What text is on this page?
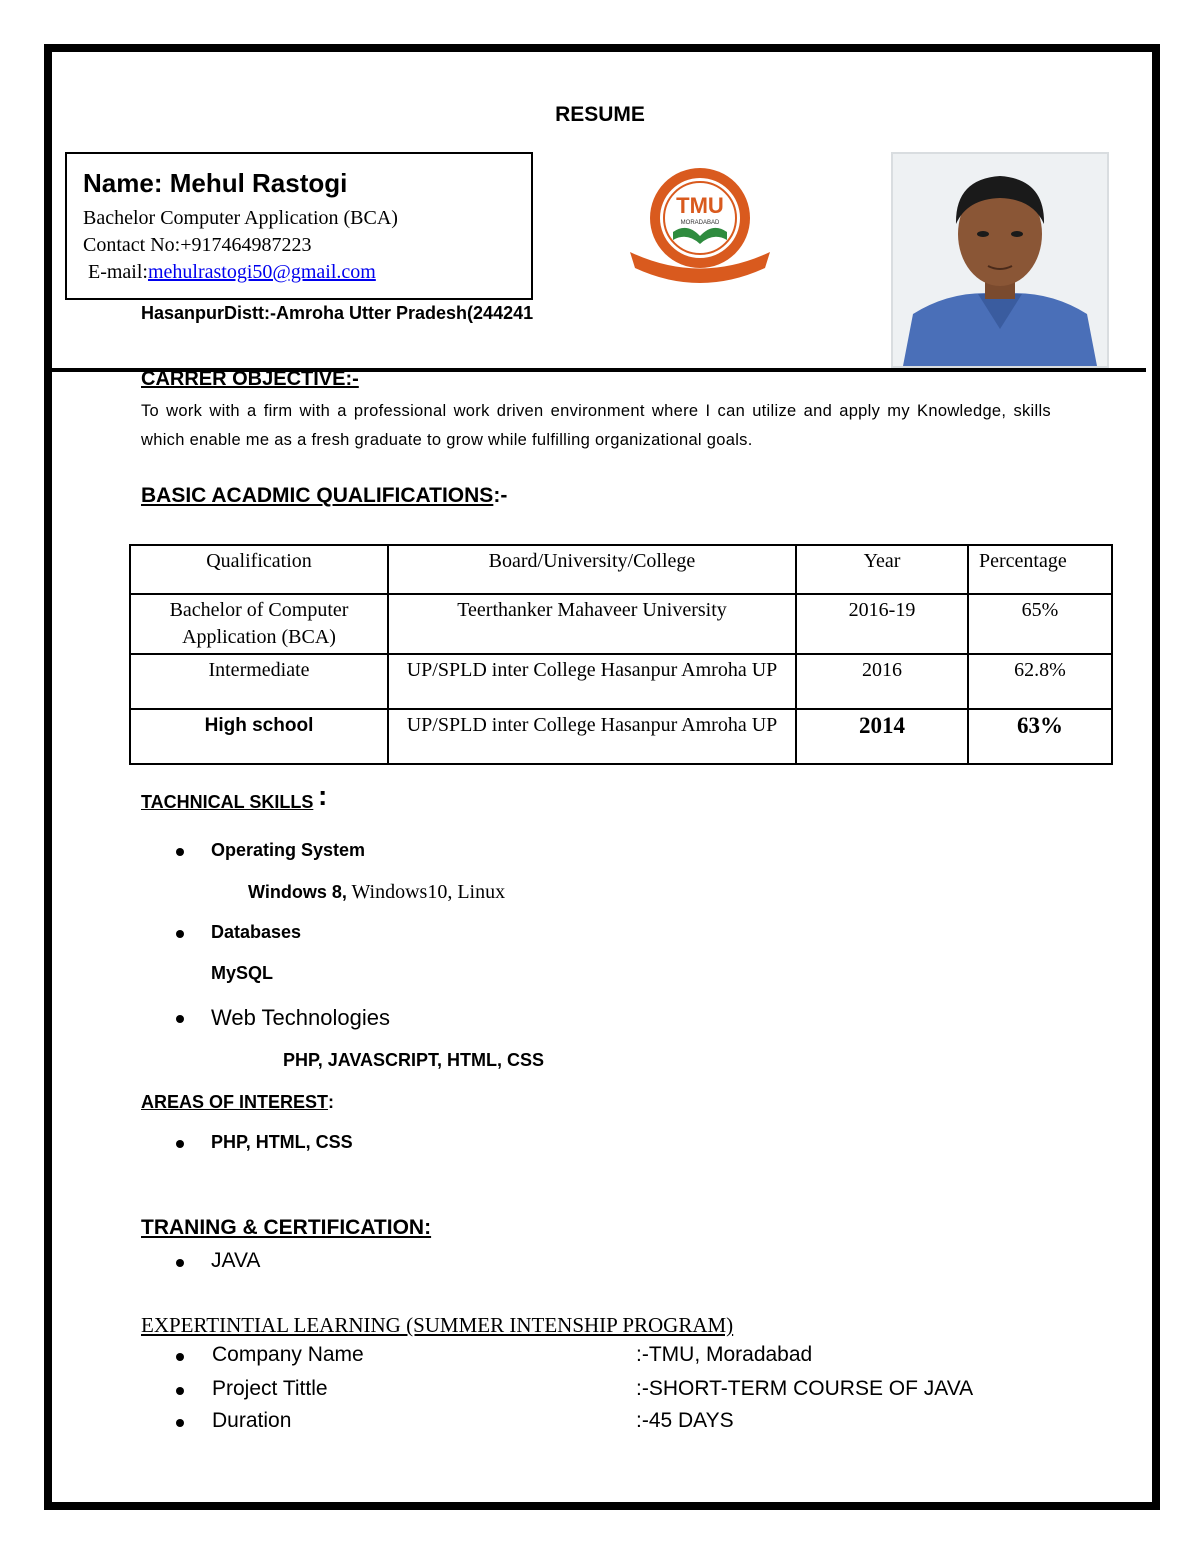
RESUME
Name: Mehul Rastogi
Bachelor Computer Application (BCA)
Contact No:+917464987223
E-mail:mehulrastogi50@gmail.com
HasanpurDistt:-Amroha Utter Pradesh(244241
TMU
MORADABAD
CARRER OBJECTIVE:-
To work with a firm with a professional work driven environment where I can utilize and apply my Knowledge, skills which enable me as a fresh graduate to grow while fulfilling organizational goals.
BASIC ACADMIC QUALIFICATIONS:-
Qualification	Board/University/College	Year	Percentage
Bachelor of Computer Application (BCA)	Teerthanker Mahaveer University	2016-19	65%
Intermediate	UP/SPLD inter College Hasanpur Amroha UP	2016	62.8%
High school	UP/SPLD inter College Hasanpur Amroha UP	2014	63%
TACHNICAL SKILLS :
Operating System
Windows 8, Windows10, Linux
Databases
MySQL
Web Technologies
PHP, JAVASCRIPT, HTML, CSS
AREAS OF INTEREST:
PHP, HTML, CSS
TRANING & CERTIFICATION:
JAVA
EXPERTINTIAL LEARNING (SUMMER INTENSHIP PROGRAM)
Company Name	:-TMU, Moradabad
Project Tittle	:-SHORT-TERM COURSE OF JAVA
Duration	:-45 DAYS
